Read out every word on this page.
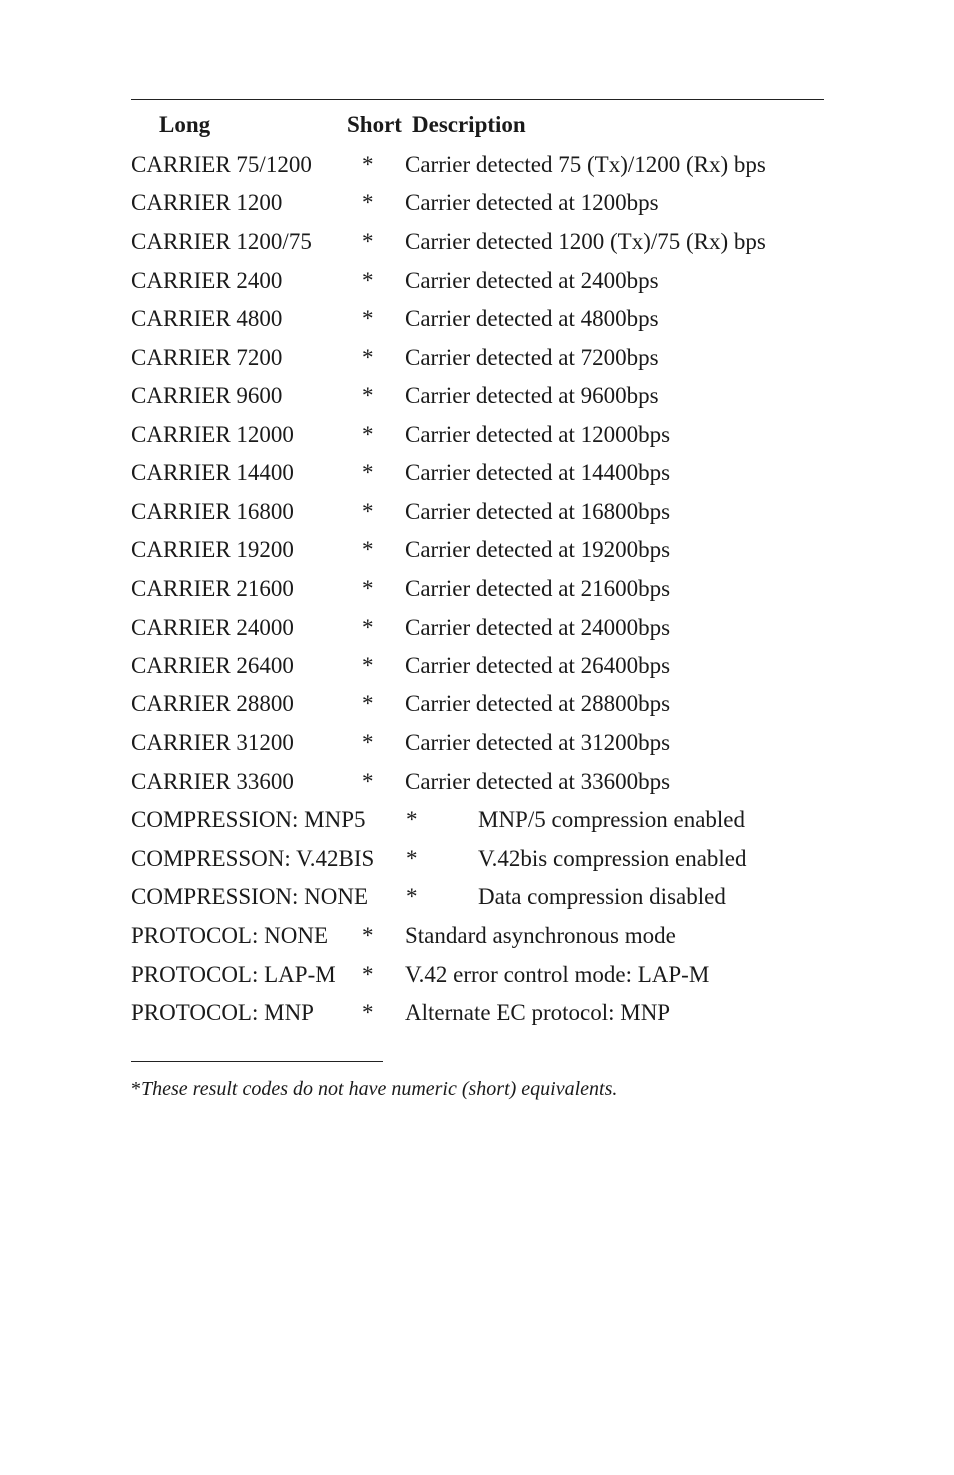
Long	Short Description
CARRIER 75/1200 * Carrier detected 75 (Tx)/1200 (Rx) bps
CARRIER 1200	* Carrier detected at 1200bps
CARRIER 1200/75 * Carrier detected 1200 (Tx)/75 (Rx) bps
CARRIER 2400	* Carrier detected at 2400bps
CARRIER 4800	* Carrier detected at 4800bps
CARRIER 7200	* Carrier detected at 7200bps
CARRIER 9600	* Carrier detected at 9600bps
CARRIER 12000	* Carrier detected at 12000bps
CARRIER 14400	* Carrier detected at 14400bps
CARRIER 16800	* Carrier detected at 16800bps
CARRIER 19200	* Carrier detected at 19200bps
CARRIER 21600	* Carrier detected at 21600bps
CARRIER 24000	* Carrier detected at 24000bps
CARRIER 26400	* Carrier detected at 26400bps
CARRIER 28800	* Carrier detected at 28800bps
CARRIER 31200	* Carrier detected at 31200bps
CARRIER 33600	* Carrier detected at 33600bps
COMPRESSION: MNP5 *	MNP/5 compression enabled
COMPRESSON: V.42BIS *	V.42bis compression enabled
COMPRESSION: NONE *	Data compression disabled
PROTOCOL: NONE * Standard asynchronous mode
PROTOCOL: LAP-M * V.42 error control mode: LAP-M
PROTOCOL: MNP * Alternate EC protocol: MNP
*These result codes do not have numeric (short) equivalents.
